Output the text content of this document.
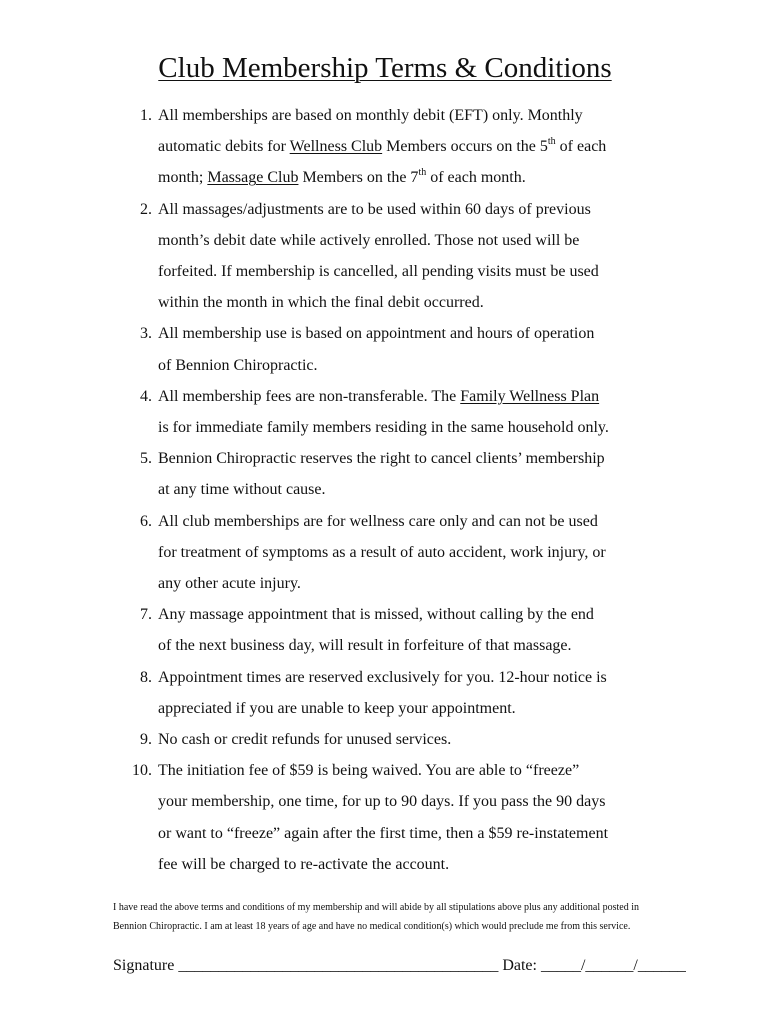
Club Membership Terms & Conditions
1. All memberships are based on monthly debit (EFT) only. Monthly
automatic debits for Wellness Club Members occurs on the 5th of each
month; Massage Club Members on the 7th of each month.
2. All massages/adjustments are to be used within 60 days of previous
month’s debit date while actively enrolled. Those not used will be
forfeited. If membership is cancelled, all pending visits must be used
within the month in which the final debit occurred.
3. All membership use is based on appointment and hours of operation
of Bennion Chiropractic.
4. All membership fees are non-transferable. The Family Wellness Plan
is for immediate family members residing in the same household only.
5. Bennion Chiropractic reserves the right to cancel clients’ membership
at any time without cause.
6. All club memberships are for wellness care only and can not be used
for treatment of symptoms as a result of auto accident, work injury, or
any other acute injury.
7. Any massage appointment that is missed, without calling by the end
of the next business day, will result in forfeiture of that massage.
8. Appointment times are reserved exclusively for you. 12-hour notice is
appreciated if you are unable to keep your appointment.
9. No cash or credit refunds for unused services.
10. The initiation fee of $59 is being waived. You are able to “freeze”
your membership, one time, for up to 90 days. If you pass the 90 days
or want to “freeze” again after the first time, then a $59 re-instatement
fee will be charged to re-activate the account.
I have read the above terms and conditions of my membership and will abide by all stipulations above plus any additional posted in
Bennion Chiropractic. I am at least 18 years of age and have no medical condition(s) which would preclude me from this service.
Signature ________________________________________ Date: _____/______/______
